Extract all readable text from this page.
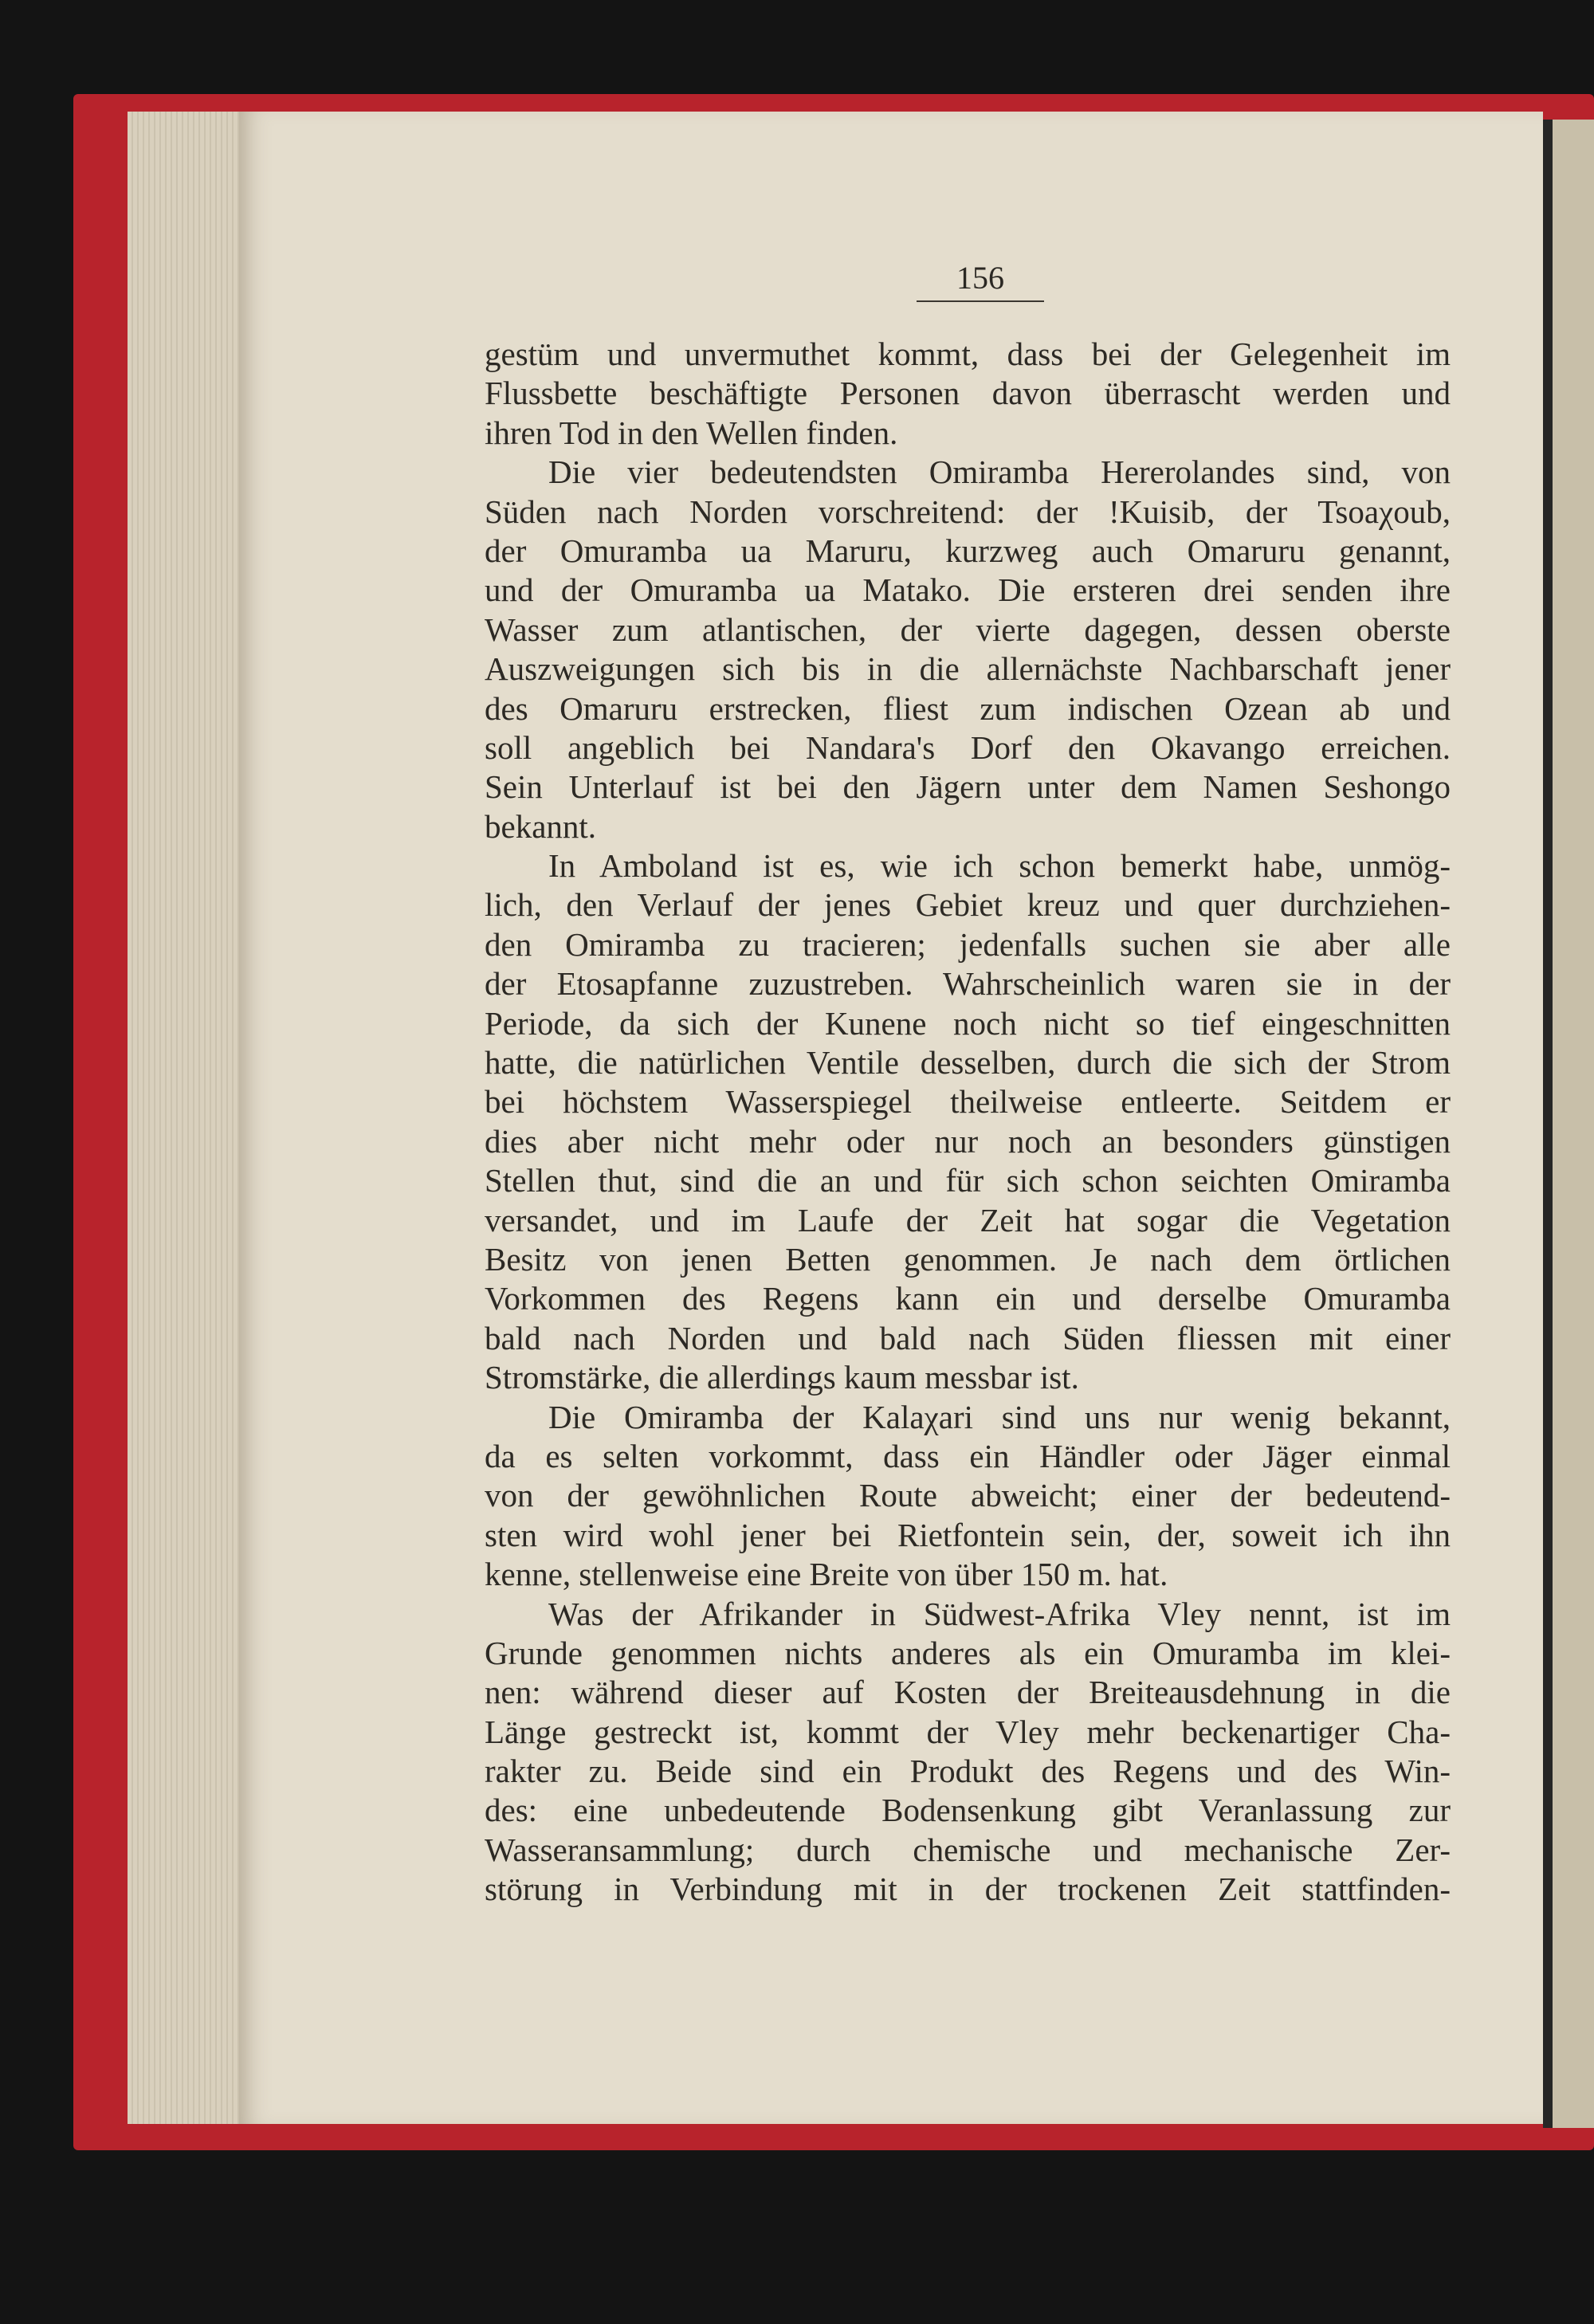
156
gestüm und unvermuthet kommt, dass bei der Gelegenheit im
Flussbette beschäftigte Personen davon überrascht werden und
ihren Tod in den Wellen finden.
Die vier bedeutendsten Omiramba Hererolandes sind, von
Süden nach Norden vorschreitend: der !Kuisib, der Tsoaχoub,
der Omuramba ua Maruru, kurzweg auch Omaruru genannt,
und der Omuramba ua Matako. Die ersteren drei senden ihre
Wasser zum atlantischen, der vierte dagegen, dessen oberste
Auszweigungen sich bis in die allernächste Nachbarschaft jener
des Omaruru erstrecken, fliest zum indischen Ozean ab und
soll angeblich bei Nandara's Dorf den Okavango erreichen.
Sein Unterlauf ist bei den Jägern unter dem Namen Seshongo
bekannt.
In Amboland ist es, wie ich schon bemerkt habe, unmög-
lich, den Verlauf der jenes Gebiet kreuz und quer durchziehen-
den Omiramba zu tracieren; jedenfalls suchen sie aber alle
der Etosapfanne zuzustreben. Wahrscheinlich waren sie in der
Periode, da sich der Kunene noch nicht so tief eingeschnitten
hatte, die natürlichen Ventile desselben, durch die sich der Strom
bei höchstem Wasserspiegel theilweise entleerte. Seitdem er
dies aber nicht mehr oder nur noch an besonders günstigen
Stellen thut, sind die an und für sich schon seichten Omiramba
versandet, und im Laufe der Zeit hat sogar die Vegetation
Besitz von jenen Betten genommen. Je nach dem örtlichen
Vorkommen des Regens kann ein und derselbe Omuramba
bald nach Norden und bald nach Süden fliessen mit einer
Stromstärke, die allerdings kaum messbar ist.
Die Omiramba der Kalaχari sind uns nur wenig bekannt,
da es selten vorkommt, dass ein Händler oder Jäger einmal
von der gewöhnlichen Route abweicht; einer der bedeutend-
sten wird wohl jener bei Rietfontein sein, der, soweit ich ihn
kenne, stellenweise eine Breite von über 150 m. hat.
Was der Afrikander in Südwest-Afrika Vley nennt, ist im
Grunde genommen nichts anderes als ein Omuramba im klei-
nen: während dieser auf Kosten der Breiteausdehnung in die
Länge gestreckt ist, kommt der Vley mehr beckenartiger Cha-
rakter zu. Beide sind ein Produkt des Regens und des Win-
des: eine unbedeutende Bodensenkung gibt Veranlassung zur
Wasseransammlung; durch chemische und mechanische Zer-
störung in Verbindung mit in der trockenen Zeit stattfinden-
